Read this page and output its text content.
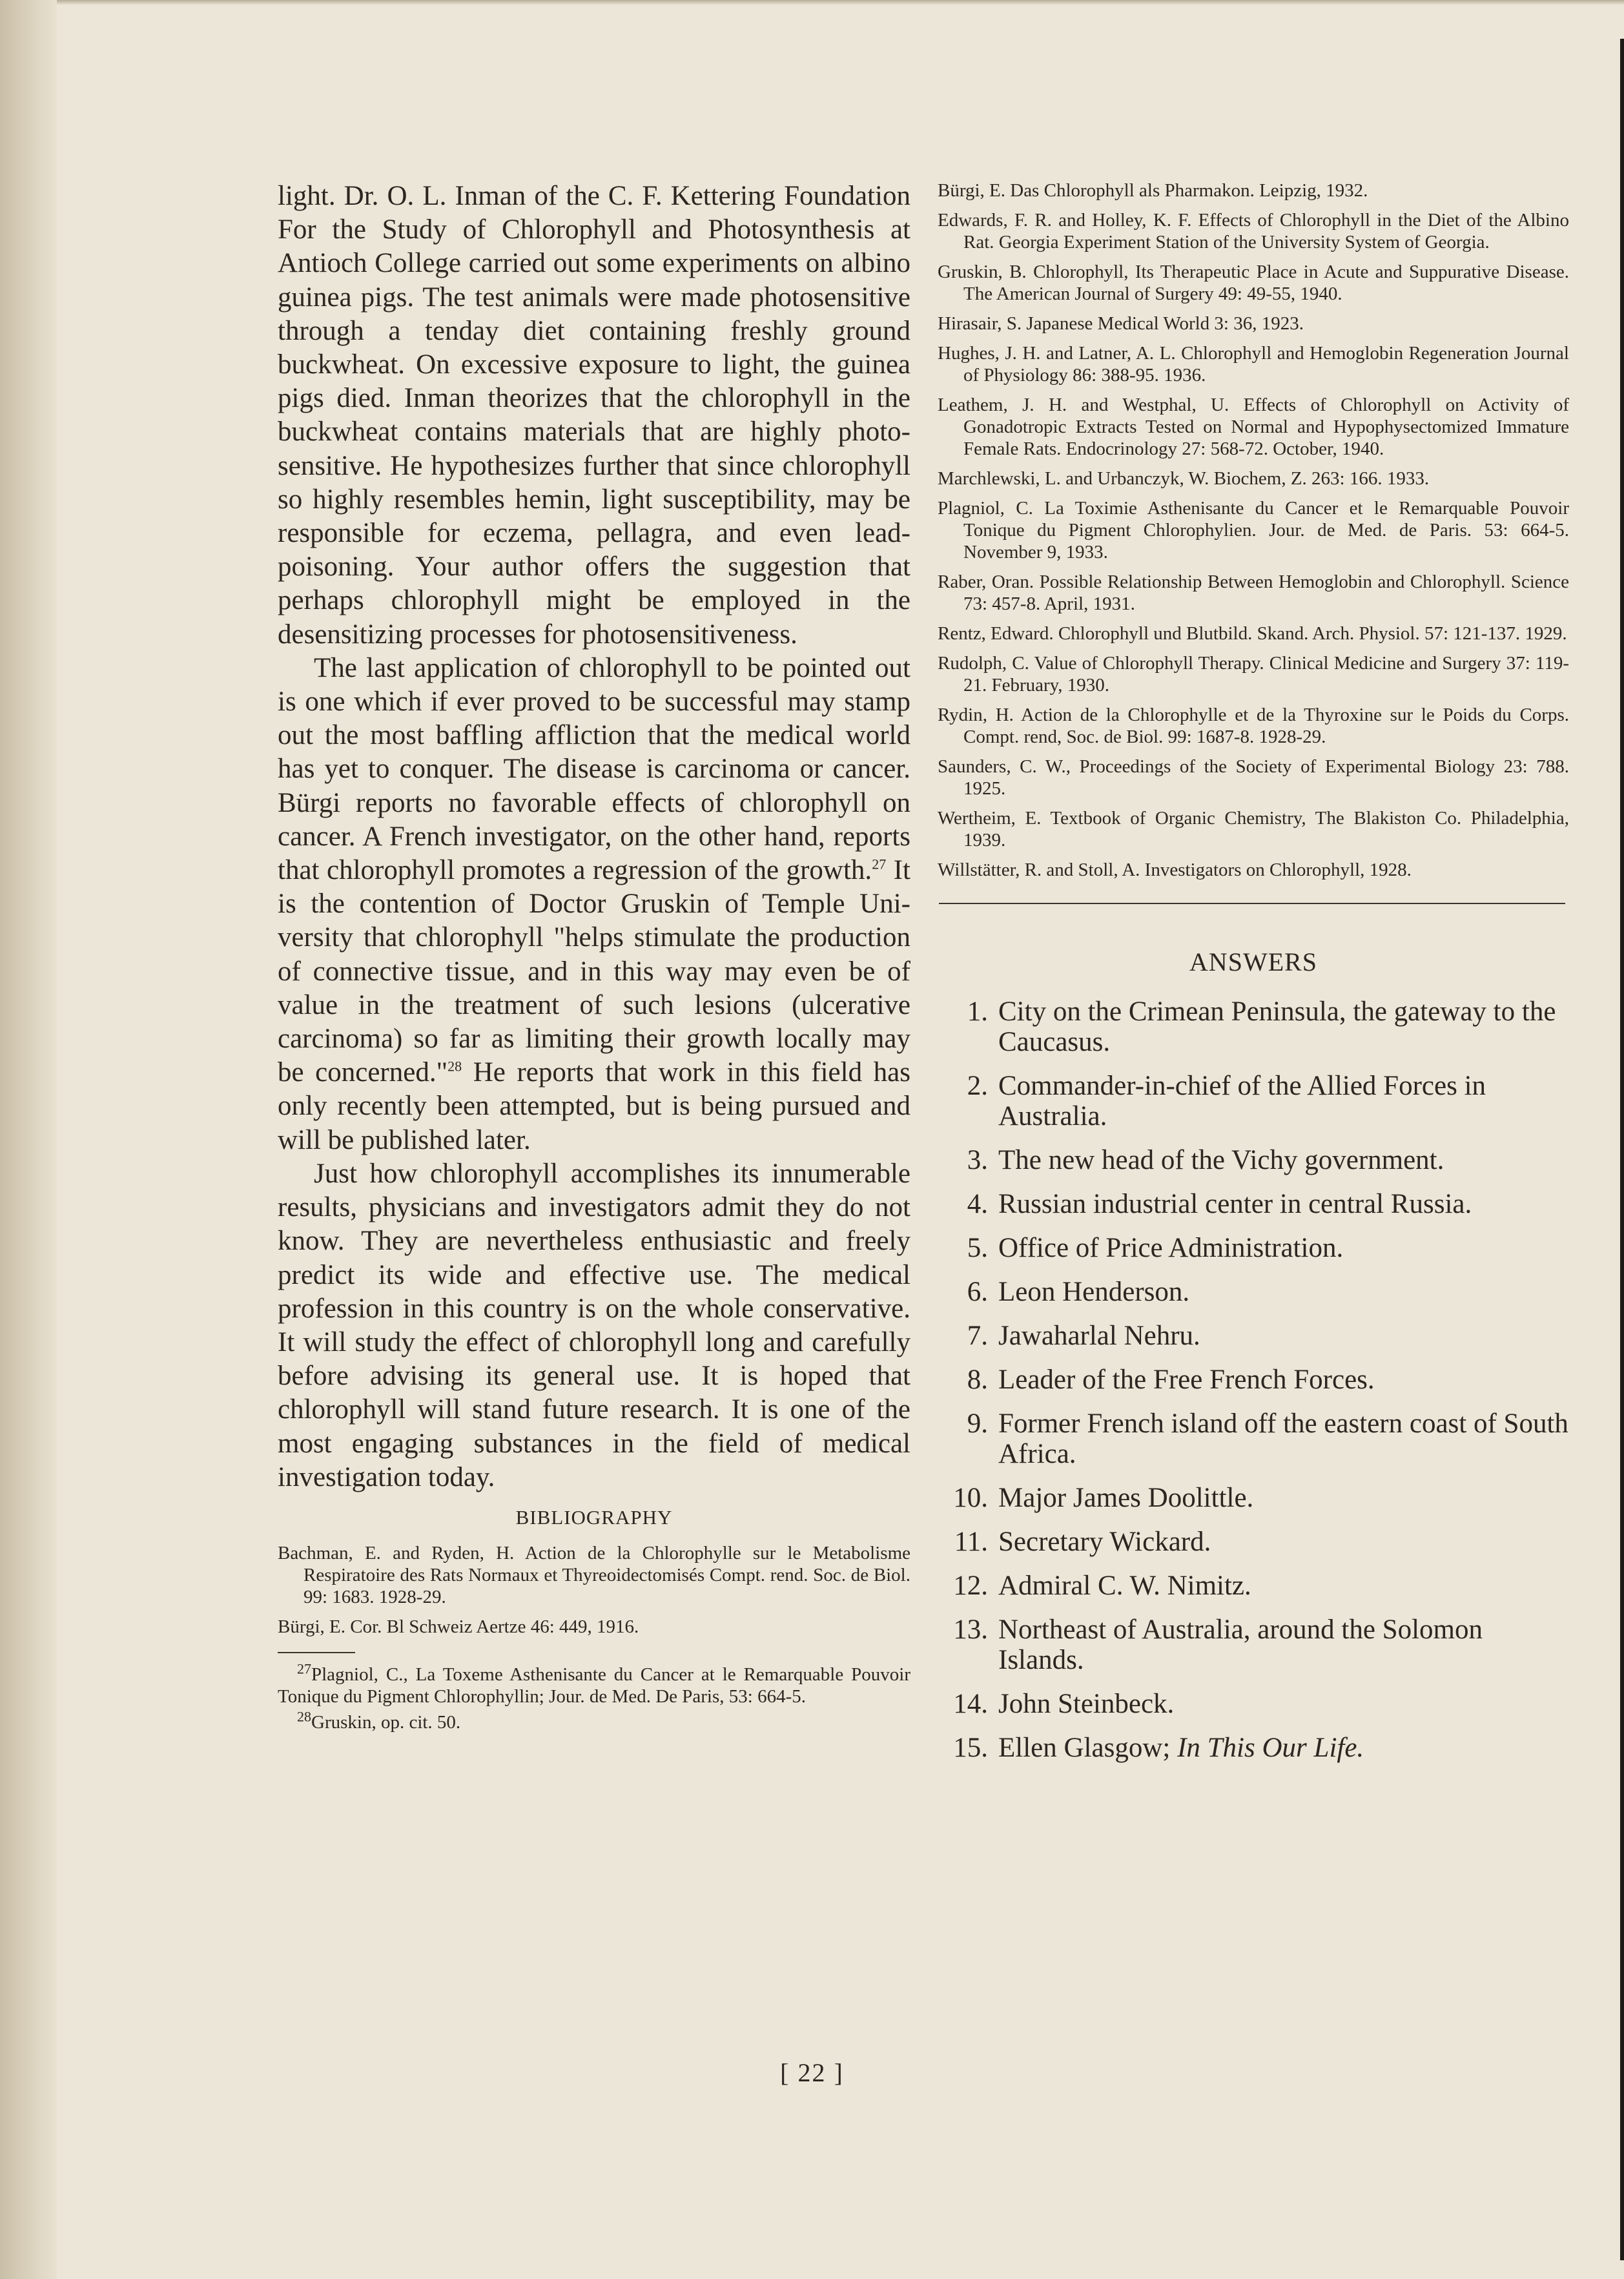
light. Dr. O. L. Inman of the C. F. Kettering Foundation For the Study of Chlorophyll and Photosynthesis at Antioch College carried out some experiments on albino guinea pigs. The test animals were made photosensitive through a tenday diet containing freshly ground buckwheat. On excessive exposure to light, the guinea pigs died. Inman theorizes that the chlorophyll in the buckwheat contains materials that are highly photosensitive. He hypothesizes further that since chlorophyll so highly resembles hemin, light susceptibility, may be responsible for eczema, pellagra, and even lead-poisoning. Your author offers the suggestion that perhaps chlorophyll might be employed in the desensitizing processes for photosensitiveness.

The last application of chlorophyll to be pointed out is one which if ever proved to be successful may stamp out the most baffling affliction that the medical world has yet to conquer. The disease is carcinoma or cancer. Bürgi reports no favorable effects of chlorophyll on cancer. A French investigator, on the other hand, reports that chlorophyll promotes a regression of the growth.$^{27}$ It is the contention of Doctor Gruskin of Temple University that chlorophyll "helps stimulate the production of connective tissue, and in this way may even be of value in the treatment of such lesions (ulcerative carcinoma) so far as limiting their growth locally may be concerned."$^{28}$ He reports that work in this field has only recently been attempted, but is being pursued and will be published later.

Just how chlorophyll accomplishes its innumerable results, physicians and investigators admit they do not know. They are nevertheless enthusiastic and freely predict its wide and effective use. The medical profession in this country is on the whole conservative. It will study the effect of chlorophyll long and carefully before advising its general use. It is hoped that chlorophyll will stand future research. It is one of the most engaging substances in the field of medical investigation today.

BIBLIOGRAPHY

Bachman, E. and Ryden, H. Action de la Chlorophylle sur le Metabolisme Respiratoire des Rats Normaux et Thyreoidectomisés Compt. rend. Soc. de Biol. 99: 1683. 1928-29.

Bürgi, E. Cor. Bl Schweiz Aertze 46: 449, 1916.

$^{27}$Plagniol, C., La Toxeme Asthenisante du Cancer at le Remarquable Pouvoir Tonique du Pigment Chlorophyllin; Jour. de Med. De Paris, 53: 664-5.

$^{28}$Gruskin, op. cit. 50.

Bürgi, E. Das Chlorophyll als Pharmakon. Leipzig, 1932.

Edwards, F. R. and Holley, K. F. Effects of Chlorophyll in the Diet of the Albino Rat. Georgia Experiment Station of the University System of Georgia.

Gruskin, B. Chlorophyll, Its Therapeutic Place in Acute and Suppurative Disease. The American Journal of Surgery 49: 49-55, 1940.

Hirasair, S. Japanese Medical World 3: 36, 1923.

Hughes, J. H. and Latner, A. L. Chlorophyll and Hemoglobin Regeneration Journal of Physiology 86: 388-95. 1936.

Leathem, J. H. and Westphal, U. Effects of Chlorophyll on Activity of Gonadotropic Extracts Tested on Normal and Hypophysectomized Immature Female Rats. Endocrinology 27: 568-72. October, 1940.

Marchlewski, L. and Urbanczyk, W. Biochem, Z. 263: 166. 1933.

Plagniol, C. La Toximie Asthenisante du Cancer et le Remarquable Pouvoir Tonique du Pigment Chlorophylien. Jour. de Med. de Paris. 53: 664-5. November 9, 1933.

Raber, Oran. Possible Relationship Between Hemoglobin and Chlorophyll. Science 73: 457-8. April, 1931.

Rentz, Edward. Chlorophyll und Blutbild. Skand. Arch. Physiol. 57: 121-137. 1929.

Rudolph, C. Value of Chlorophyll Therapy. Clinical Medicine and Surgery 37: 119-21. February, 1930.

Rydin, H. Action de la Chlorophylle et de la Thyroxine sur le Poids du Corps. Compt. rend, Soc. de Biol. 99: 1687-8. 1928-29.

Saunders, C. W., Proceedings of the Society of Experimental Biology 23: 788. 1925.

Wertheim, E. Textbook of Organic Chemistry, The Blakiston Co. Philadelphia, 1939.

Willstätter, R. and Stoll, A. Investigators on Chlorophyll, 1928.

ANSWERS
1. City on the Crimean Peninsula, the gateway to the Caucasus.
2. Commander-in-chief of the Allied Forces in Australia.
3. The new head of the Vichy government.
4. Russian industrial center in central Russia.
5. Office of Price Administration.
6. Leon Henderson.
7. Jawaharlal Nehru.
8. Leader of the Free French Forces.
9. Former French island off the eastern coast of South Africa.
10. Major James Doolittle.
11. Secretary Wickard.
12. Admiral C. W. Nimitz.
13. Northeast of Australia, around the Solomon Islands.
14. John Steinbeck.
15. Ellen Glasgow; In This Our Life.
[ 22 ]
